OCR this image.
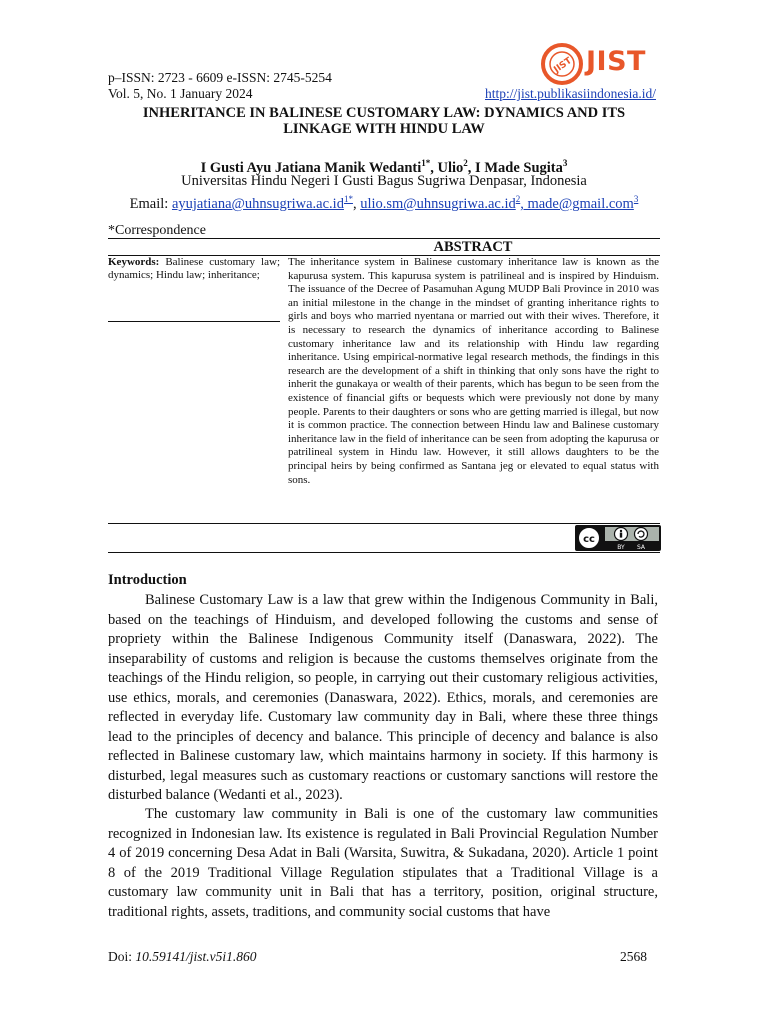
p–ISSN: 2723 - 6609 e-ISSN: 2745-5254
Vol. 5, No. 1 January 2024	http://jist.publikasiindonesia.id/
JIST JIST
INHERITANCE IN BALINESE CUSTOMARY LAW: DYNAMICS AND ITS LINKAGE WITH HINDU LAW
I Gusti Ayu Jatiana Manik Wedanti$^{1*}$, Ulio$^2$, I Made Sugita$^3$
Universitas Hindu Negeri I Gusti Bagus Sugriwa Denpasar, Indonesia
Email: $ayujatiana@uhnsugriwa.ac.id^{1*}$, $ulio.sm@uhnsugriwa.ac.id^2$, made@gmail.com$^3$
*Correspondence
ABSTRACT
Keywords: Balinese customary law; dynamics; Hindu law; inheritance;
The inheritance system in Balinese customary inheritance law is known as the kapurusa system. This kapurusa system is patrilineal and is inspired by Hinduism. The issuance of the Decree of Pasamuhan Agung MUDP Bali Province in 2010 was an initial milestone in the change in the mindset of granting inheritance rights to girls and boys who married nyentana or married out with their wives. Therefore, it is necessary to research the dynamics of inheritance according to Balinese customary inheritance law and its relationship with Hindu law regarding inheritance. Using empirical-normative legal research methods, the findings in this research are the development of a shift in thinking that only sons have the right to inherit the gunakaya or wealth of their parents, which has begun to be seen from the existence of financial gifts or bequests which were previously not done by many people. Parents to their daughters or sons who are getting married is illegal, but now it is common practice. The connection between Hindu law and Balinese customary inheritance law in the field of inheritance can be seen from adopting the kapurusa or patrilineal system in Hindu law. However, it still allows daughters to be the principal heirs by being confirmed as Santana jeg or elevated to equal status with sons.
cc
BY SA
Introduction
Balinese Customary Law is a law that grew within the Indigenous Community in Bali, based on the teachings of Hinduism, and developed following the customs and sense of propriety within the Balinese Indigenous Community itself (Danaswara, 2022). The inseparability of customs and religion is because the customs themselves originate from the teachings of the Hindu religion, so people, in carrying out their customary religious activities, use ethics, morals, and ceremonies (Danaswara, 2022). Ethics, morals, and ceremonies are reflected in everyday life. Customary law community day in Bali, where these three things lead to the principles of decency and balance. This principle of decency and balance is also reflected in Balinese customary law, which maintains harmony in society. If this harmony is disturbed, legal measures such as customary reactions or customary sanctions will restore the disturbed balance (Wedanti et al., 2023).
The customary law community in Bali is one of the customary law communities recognized in Indonesian law. Its existence is regulated in Bali Provincial Regulation Number 4 of 2019 concerning Desa Adat in Bali (Warsita, Suwitra, & Sukadana, 2020). Article 1 point 8 of the 2019 Traditional Village Regulation stipulates that a Traditional Village is a customary law community unit in Bali that has a territory, position, original structure, traditional rights, assets, traditions, and community social customs that have
Doi: 10.59141/jist.v5i1.860	2568
